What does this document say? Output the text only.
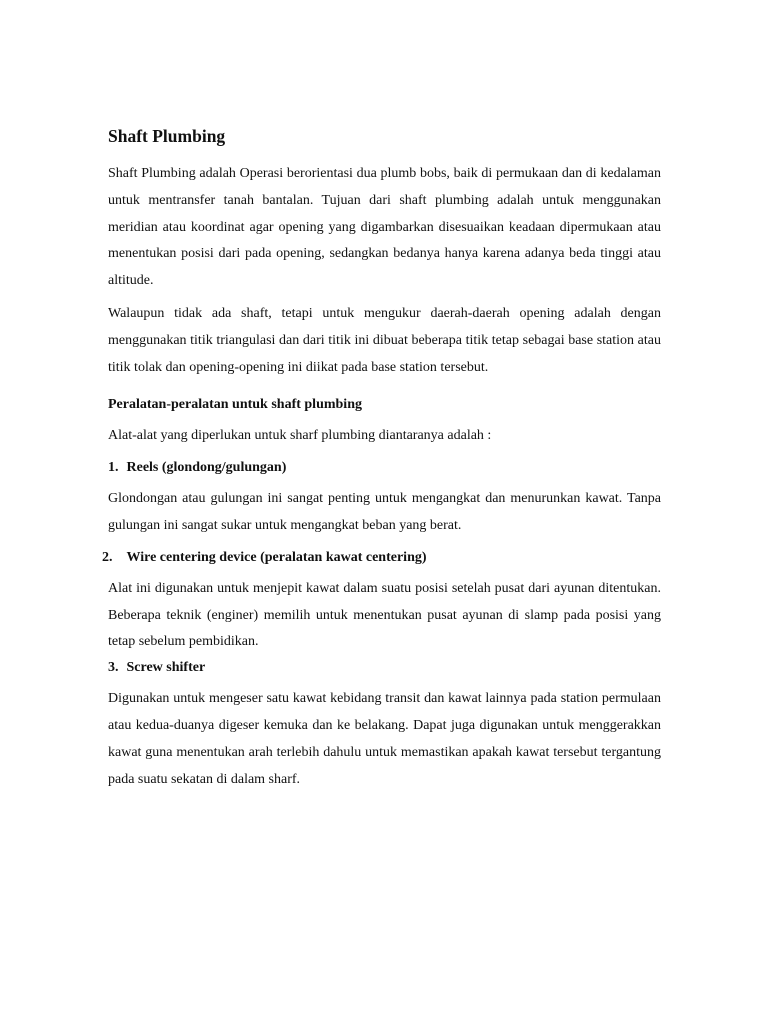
Shaft Plumbing

Shaft Plumbing adalah Operasi berorientasi dua plumb bobs, baik di permukaan dan di kedalaman untuk mentransfer tanah bantalan. Tujuan dari shaft plumbing adalah untuk menggunakan meridian atau koordinat agar opening yang digambarkan disesuaikan keadaan dipermukaan atau menentukan posisi dari pada opening, sedangkan bedanya hanya karena adanya beda tinggi atau altitude.

Walaupun tidak ada shaft, tetapi untuk mengukur daerah-daerah opening adalah dengan menggunakan titik triangulasi dan dari titik ini dibuat beberapa titik tetap sebagai base station atau titik tolak dan opening-opening ini diikat pada base station tersebut.

Peralatan-peralatan untuk shaft plumbing

Alat-alat yang diperlukan untuk sharf plumbing diantaranya adalah :

1. Reels (glondong/gulungan)

Glondongan atau gulungan ini sangat penting untuk mengangkat dan menurunkan kawat. Tanpa gulungan ini sangat sukar untuk mengangkat beban yang berat.

2. Wire centering device (peralatan kawat centering)

Alat ini digunakan untuk menjepit kawat dalam suatu posisi setelah pusat dari ayunan ditentukan. Beberapa teknik (enginer) memilih untuk menentukan pusat ayunan di slamp pada posisi yang tetap sebelum pembidikan.

3. Screw shifter

Digunakan untuk mengeser satu kawat kebidang transit dan kawat lainnya pada station permulaan atau kedua-duanya digeser kemuka dan ke belakang. Dapat juga digunakan untuk menggerakkan kawat guna menentukan arah terlebih dahulu untuk memastikan apakah kawat tersebut tergantung pada suatu sekatan di dalam sharf.
